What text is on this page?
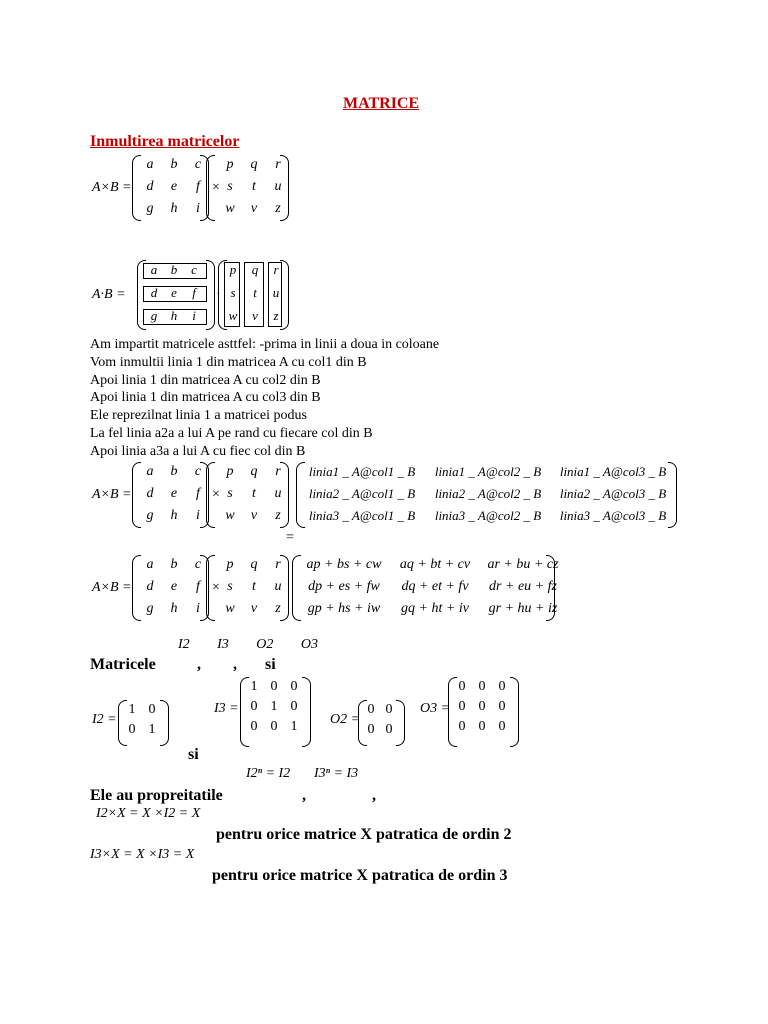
MATRICE
Inmultirea matricelor
A×B =
a	b	c
d	e	f
g	h	i
×
p	q	r
s	t	u
w	v	z
A·B =
a	b	c
d	e	f
g	h	i
·
p	q	r
s	t	u
w	v	z
Am impartit matricele asttfel: -prima in linii a doua in coloane
Vom inmultii linia 1 din matricea A cu col1 din B
Apoi linia 1 din matricea A cu col2 din B
Apoi linia 1 din matricea A cu col3 din B
Ele reprezilnat linia 1 a matricei podus
La fel linia a2a a lui A pe rand cu fiecare col din B
Apoi linia a3a a lui A cu fiec col din B
A×B =
a	b	c
d	e	f
g	h	i
×
p	q	r
s	t	u
w	v	z
linia1 _ A@col1 _ B	linia1 _ A@col2 _ B	linia1 _ A@col3 _ B
linia2 _ A@col1 _ B	linia2 _ A@col2 _ B	linia2 _ A@col3 _ B
linia3 _ A@col1 _ B	linia3 _ A@col2 _ B	linia3 _ A@col3 _ B
=
A×B =
a	b	c
d	e	f
g	h	i
×
p	q	r
s	t	u
w	v	z
ap + bs + cw	aq + bt + cv	ar + bu + cz
dp + es + fw	dq + et + fv	dr + eu + fz
gp + hs + iw	gq + ht + iv	gr + hu + iz
I2 I3 O2 O3
Matricele	, , si
I2 =
1 0
0 1
I3 =
1 0 0
0 1 0
0 0 1	O2 =
0 0
0 0
O3 =
0 0 0
0 0 0
0 0 0
si
I2ⁿ = I2 I3ⁿ = I3
Ele au propreitatile	,	,
I2×X = X ×I2 = X
pentru orice matrice X patratica de ordin 2
I3×X = X ×I3 = X
pentru orice matrice X patratica de ordin 3
